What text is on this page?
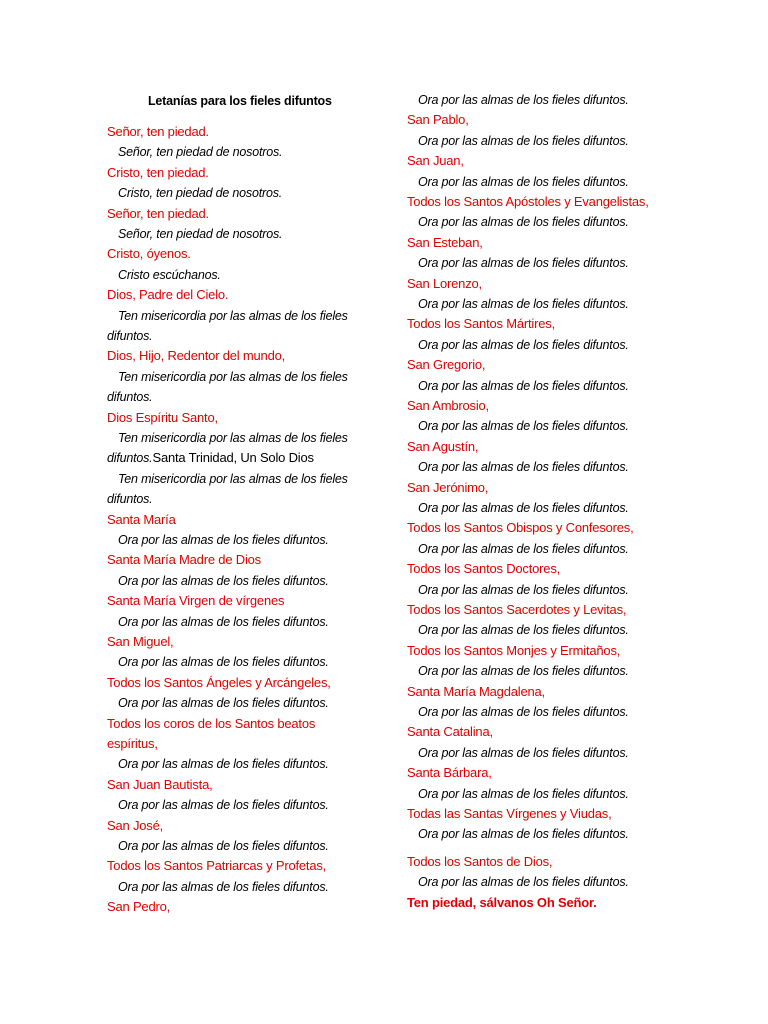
Letanías para los fieles difuntos
Señor, ten piedad.
Señor, ten piedad de nosotros.
Cristo, ten piedad.
Cristo, ten piedad de nosotros.
Señor, ten piedad.
Señor, ten piedad de nosotros.
Cristo, óyenos.
Cristo escúchanos.
Dios, Padre del Cielo.
Ten misericordia por las almas de los fieles
difuntos.
Dios, Hijo, Redentor del mundo,
Ten misericordia por las almas de los fieles
difuntos.
Dios Espíritu Santo,
Ten misericordia por las almas de los fieles
difuntos.Santa Trinidad, Un Solo Dios
Ten misericordia por las almas de los fieles
difuntos.
Santa María
Ora por las almas de los fieles difuntos.
Santa María Madre de Dios
Ora por las almas de los fieles difuntos.
Santa María Virgen de vírgenes
Ora por las almas de los fieles difuntos.
San Miguel,
Ora por las almas de los fieles difuntos.
Todos los Santos Ángeles y Arcángeles,
Ora por las almas de los fieles difuntos.
Todos los coros de los Santos beatos
espíritus,
Ora por las almas de los fieles difuntos.
San Juan Bautista,
Ora por las almas de los fieles difuntos.
San José,
Ora por las almas de los fieles difuntos.
Todos los Santos Patriarcas y Profetas,
Ora por las almas de los fieles difuntos.
San Pedro,
Ora por las almas de los fieles difuntos.
San Pablo,
Ora por las almas de los fieles difuntos.
San Juan,
Ora por las almas de los fieles difuntos.
Todos los Santos Apóstoles y Evangelistas,
Ora por las almas de los fieles difuntos.
San Esteban,
Ora por las almas de los fieles difuntos.
San Lorenzo,
Ora por las almas de los fieles difuntos.
Todos los Santos Mártires,
Ora por las almas de los fieles difuntos.
San Gregorio,
Ora por las almas de los fieles difuntos.
San Ambrosio,
Ora por las almas de los fieles difuntos.
San Agustín,
Ora por las almas de los fieles difuntos.
San Jerónimo,
Ora por las almas de los fieles difuntos.
Todos los Santos Obispos y Confesores,
Ora por las almas de los fieles difuntos.
Todos los Santos Doctores,
Ora por las almas de los fieles difuntos.
Todos los Santos Sacerdotes y Levitas,
Ora por las almas de los fieles difuntos.
Todos los Santos Monjes y Ermitaños,
Ora por las almas de los fieles difuntos.
Santa María Magdalena,
Ora por las almas de los fieles difuntos.
Santa Catalina,
Ora por las almas de los fieles difuntos.
Santa Bárbara,
Ora por las almas de los fieles difuntos.
Todas las Santas Vírgenes y Viudas,
Ora por las almas de los fieles difuntos.
Todos los Santos de Dios,
Ora por las almas de los fieles difuntos.
Ten piedad, sálvanos Oh Señor.
